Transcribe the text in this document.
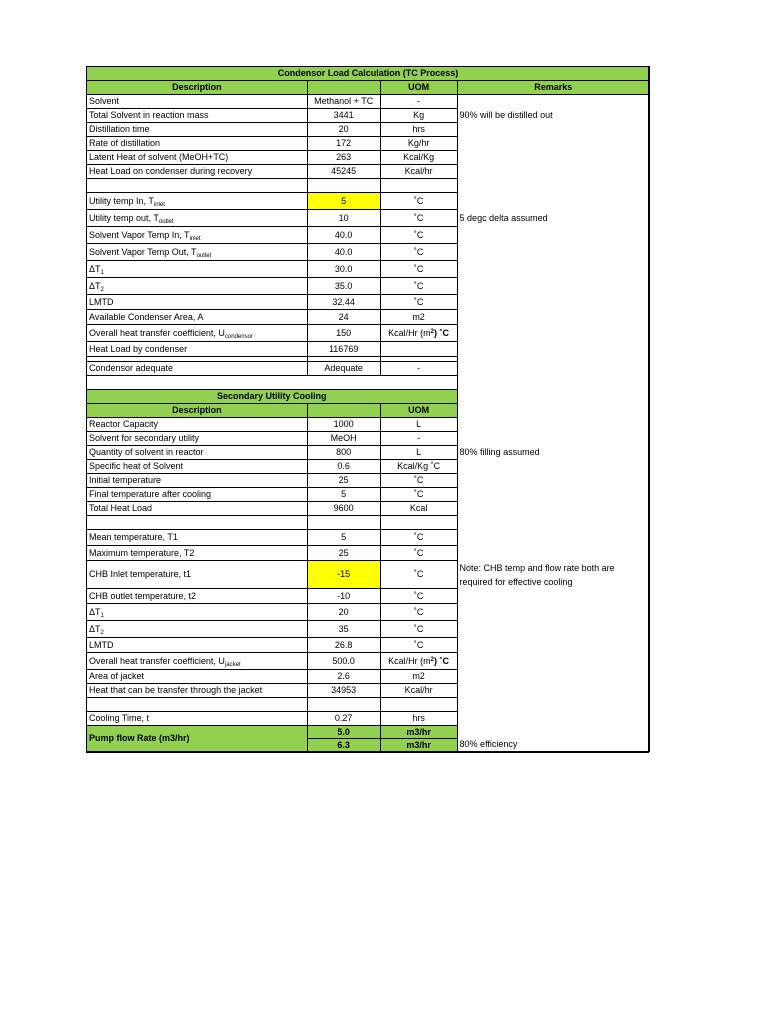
Condensor Load Calculation (TC Process)			
Description		UOM	Remarks
Solvent	Methanol + TC	-	
Total Solvent in reaction mass	3441	Kg	90% will be distilled out
Distillation time	20	hrs	
Rate of distillation	172	Kg/hr	
Latent Heat of solvent (MeOH+TC)	263	Kcal/Kg	
Heat Load on condenser during recovery	45245	Kcal/hr	

Utility temp In, $T_{inlet}$	5	˚C	
Utility temp out, $T_{outlet}$	10	˚C	5 degc delta assumed
Solvent Vapor Temp In, $T_{inlet}$	40.0	˚C	
Solvent Vapor Temp Out, $T_{outlet}$	40.0	˚C	
$\Delta T_1$	30.0	˚C	
$\Delta T_2$	35.0	˚C	
LMTD	32.44	˚C	
Available Condenser Area, A	24	m2	
Overall heat transfer coefficient, $U_{condensor}$	150	Kcal/Hr $(m^2)$ ˚C	
Heat Load by condenser	116769		

Condensor adequate	Adequate	-	

Secondary Utility Cooling			
Description		UOM	
Reactor Capacity	1000	L	
Solvent for secondary utility	MeOH	-	
Quantity of solvent in reactor	800	L	80% filling assumed
Specific heat of Solvent	0.6	Kcal/Kg ˚C	
Initial temperature	25	˚C	
Final temperature after cooling	5	˚C	
Total Heat Load	9600	Kcal	

Mean temperature, T1	5	˚C	
Maximum temperature, T2	25	˚C	
CHB Inlet temperature, t1	-15	˚C	Note: CHB temp and flow rate both are
required for effective cooling

CHB outlet temperature, t2	-10	˚C	
$\Delta T_1$	20	˚C	
$\Delta T_2$	35	˚C	
LMTD	26.8	˚C	
Overall heat transfer coefficient, $U_{jacket}$	500.0	Kcal/Hr $(m^2)$ ˚C	
Area of jacket	2.6	m2	
Heat that can be transfer through the jacket	34953	Kcal/hr	

Cooling Time, t	0.27	hrs	
Pump flow Rate (m3/hr)	5.0	m3/hr	
	6.3	m3/hr	80% efficiency
